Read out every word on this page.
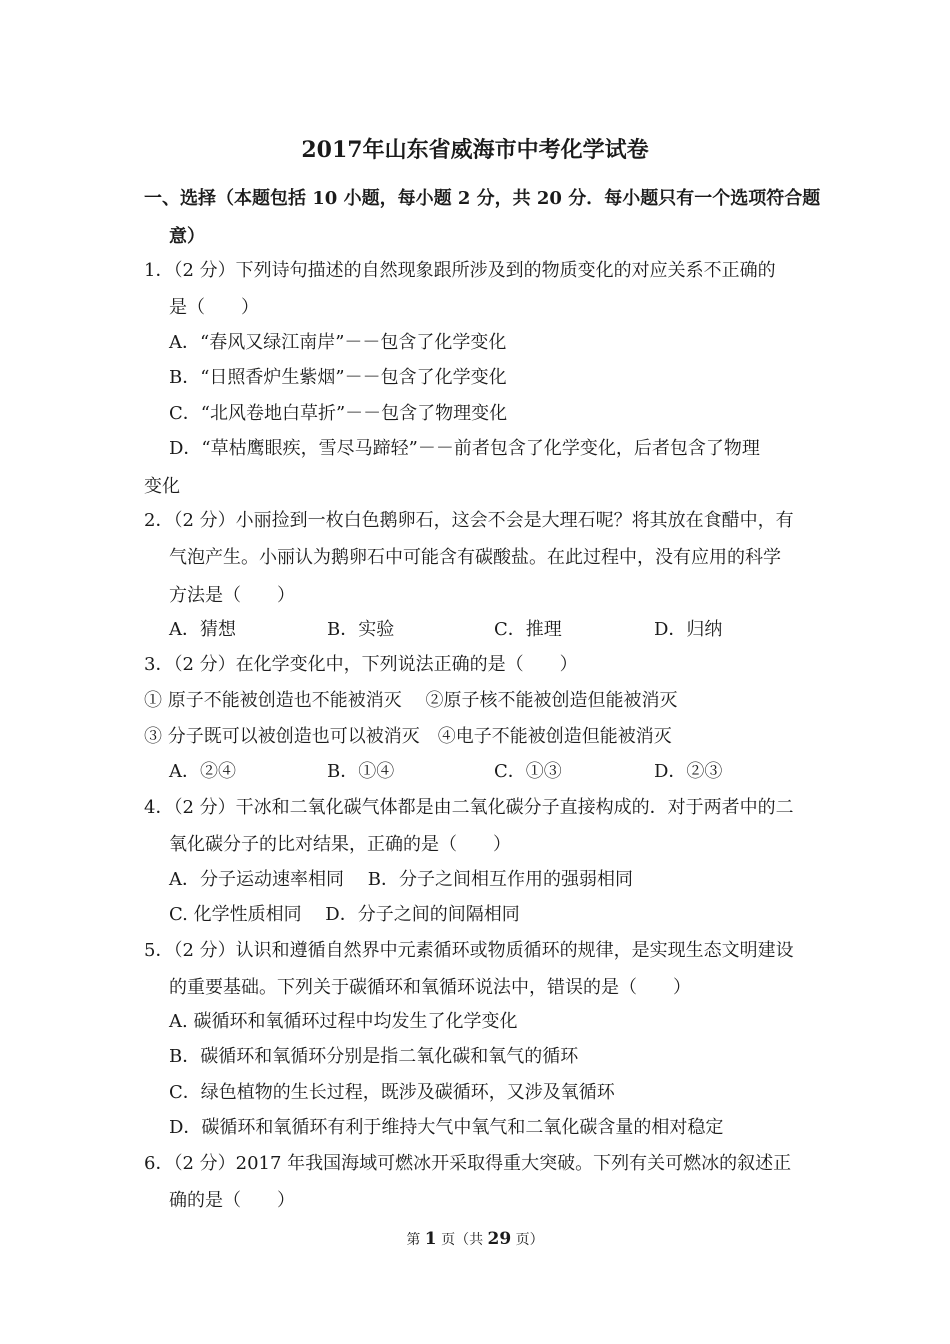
2017年山东省威海市中考化学试卷
一、选择（本题包括 10 小题，每小题 2 分，共 20 分．每小题只有一个选项符合题
意）
1．（2 分）下列诗句描述的自然现象跟所涉及到的物质变化的对应关系不正确的
是（　　）
A．“春风又绿江南岸”－－包含了化学变化
B．“日照香炉生紫烟”－－包含了化学变化
C．“北风卷地白草折”－－包含了物理变化
D．“草枯鹰眼疾，雪尽马蹄轻”－－前者包含了化学变化，后者包含了物理
变化
2．（2 分）小丽捡到一枚白色鹅卵石，这会不会是大理石呢？将其放在食醋中，有
气泡产生。小丽认为鹅卵石中可能含有碳酸盐。在此过程中，没有应用的科学
方法是（　　）
A．猜想	B．实验	C．推理	D．归纳
3．（2 分）在化学变化中，下列说法正确的是（　　）
① 原子不能被创造也不能被消灭　 ②原子核不能被创造但能被消灭
③ 分子既可以被创造也可以被消灭　④电子不能被创造但能被消灭
A．②④	B．①④	C．①③	D．②③
4．（2 分）干冰和二氧化碳气体都是由二氧化碳分子直接构成的．对于两者中的二
氧化碳分子的比对结果，正确的是（　　）
A．分子运动速率相同　 B．分子之间相互作用的强弱相同
C. 化学性质相同　 D．分子之间的间隔相同
5．（2 分）认识和遵循自然界中元素循环或物质循环的规律，是实现生态文明建设
的重要基础。下列关于碳循环和氧循环说法中，错误的是（　　）
A. 碳循环和氧循环过程中均发生了化学变化
B．碳循环和氧循环分别是指二氧化碳和氧气的循环
C．绿色植物的生长过程，既涉及碳循环，又涉及氧循环
D．碳循环和氧循环有利于维持大气中氧气和二氧化碳含量的相对稳定
6．（2 分）2017 年我国海域可燃冰开采取得重大突破。下列有关可燃冰的叙述正
确的是（　　）
第 1 页（共 29 页）
